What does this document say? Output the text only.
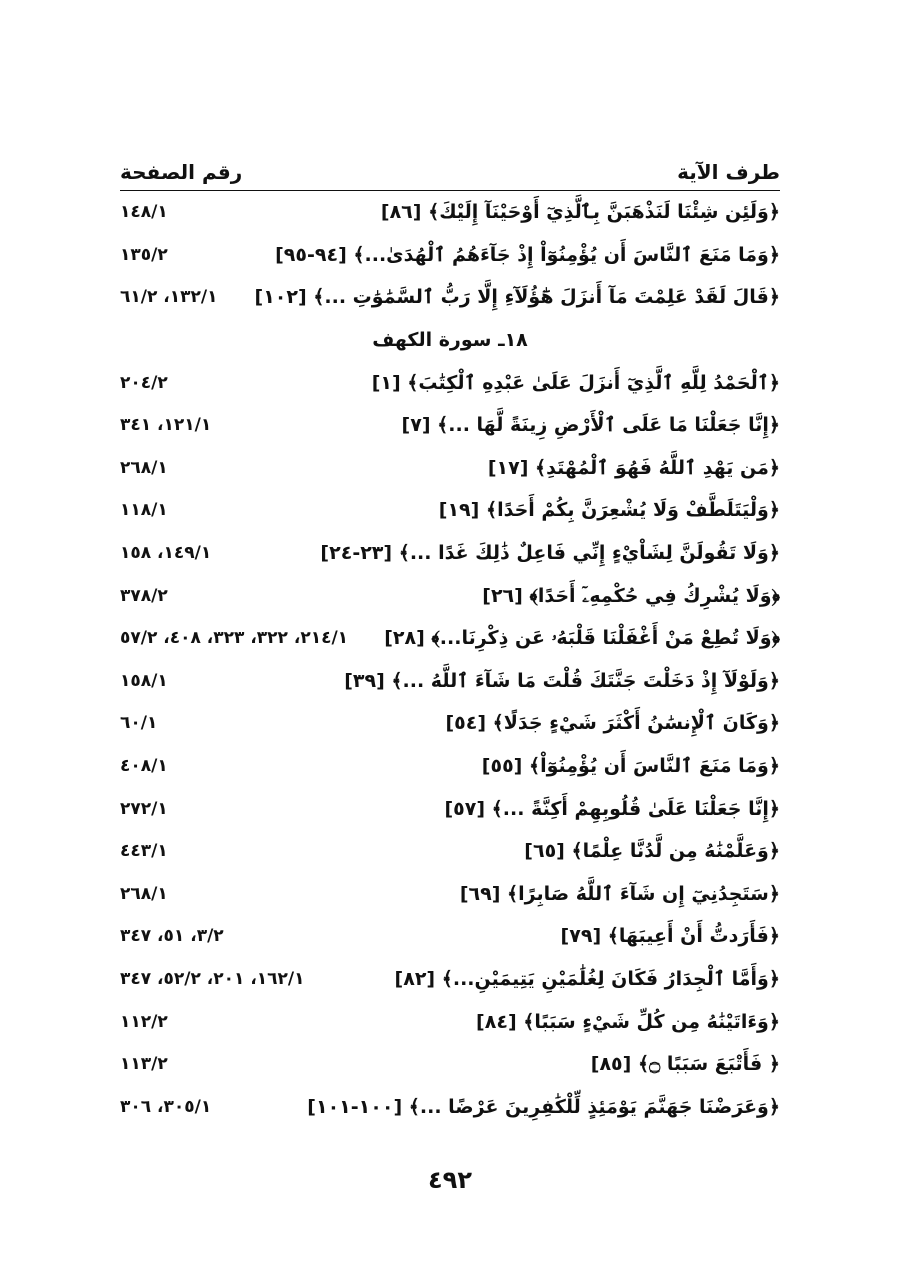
طرف الآية
رقم الصفحة
﴿وَلَئِن شِئْنَا لَنَذْهَبَنَّ بِٱلَّذِيٓ أَوْحَيْنَآ إِلَيْكَ﴾ [٨٦]
١٤٨/١
﴿وَمَا مَنَعَ ٱلنَّاسَ أَن يُؤْمِنُوٓاْ إِذْ جَآءَهُمُ ٱلْهُدَىٰ...﴾ [٩٤-٩٥]
١٣٥/٢
﴿قَالَ لَقَدْ عَلِمْتَ مَآ أَنزَلَ هَٰٓؤُلَآءِ إِلَّا رَبُّ ٱلسَّمَٰوَٰتِ ...﴾ [١٠٢]
١٣٢/١، ٦١/٢
١٨ـ سورة الكهف
﴿ٱلْحَمْدُ لِلَّهِ ٱلَّذِيٓ أَنزَلَ عَلَىٰ عَبْدِهِ ٱلْكِتَٰبَ﴾ [١]
٢٠٤/٢
﴿إِنَّا جَعَلْنَا مَا عَلَى ٱلْأَرْضِ زِينَةً لَّهَا ...﴾ [٧]
١٢١/١، ٣٤١
﴿مَن يَهْدِ ٱللَّهُ فَهُوَ ٱلْمُهْتَدِ﴾ [١٧]
٢٦٨/١
﴿وَلْيَتَلَطَّفْ وَلَا يُشْعِرَنَّ بِكُمْ أَحَدًا﴾ [١٩]
١١٨/١
﴿وَلَا تَقُولَنَّ لِشَاْيْءٍ إِنِّي فَاعِلٌ ذَٰلِكَ غَدًا ...﴾ [٢٣-٢٤]
١٤٩/١، ١٥٨
﴿وَلَا يُشْرِكُ فِي حُكْمِهِۦٓ أَحَدًا﴾ [٢٦]
٣٧٨/٢
﴿وَلَا تُطِعْ مَنْ أَغْفَلْنَا قَلْبَهُۥ عَن ذِكْرِنَا...﴾ [٢٨]
٢١٤/١، ٣٢٢، ٣٢٣، ٤٠٨، ٥٧/٢
﴿وَلَوْلَآ إِذْ دَخَلْتَ جَنَّتَكَ قُلْتَ مَا شَآءَ ٱللَّهُ ...﴾ [٣٩]
١٥٨/١
﴿وَكَانَ ٱلْإِنسَٰنُ أَكْثَرَ شَيْءٍ جَدَلًا﴾ [٥٤]
٦٠/١
﴿وَمَا مَنَعَ ٱلنَّاسَ أَن يُؤْمِنُوٓاْ﴾ [٥٥]
٤٠٨/١
﴿إِنَّا جَعَلْنَا عَلَىٰ قُلُوبِهِمْ أَكِنَّةً ...﴾ [٥٧]
٢٧٢/١
﴿وَعَلَّمْنَٰهُ مِن لَّدُنَّا عِلْمًا﴾ [٦٥]
٤٤٣/١
﴿سَتَجِدُنِيٓ إِن شَآءَ ٱللَّهُ صَابِرًا﴾ [٦٩]
٢٦٨/١
﴿فَأَرَدتُّ أَنْ أَعِيبَهَا﴾ [٧٩]
٣/٢، ٥١، ٣٤٧
﴿وَأَمَّا ٱلْجِدَارُ فَكَانَ لِغُلَٰمَيْنِ يَتِيمَيْنِ...﴾ [٨٢]
١٦٢/١، ٢٠١، ٥٢/٢، ٣٤٧
﴿وَءَاتَيْنَٰهُ مِن كُلِّ شَيْءٍ سَبَبًا﴾ [٨٤]
١١٢/٢
﴿ فَأَتْبَعَ سَبَبًا ۝﴾ [٨٥]
١١٣/٢
﴿وَعَرَضْنَا جَهَنَّمَ يَوْمَئِذٍ لِّلْكَٰفِرِينَ عَرْضًا ...﴾ [١٠٠-١٠١]
٣٠٥/١، ٣٠٦
٤٩٢
